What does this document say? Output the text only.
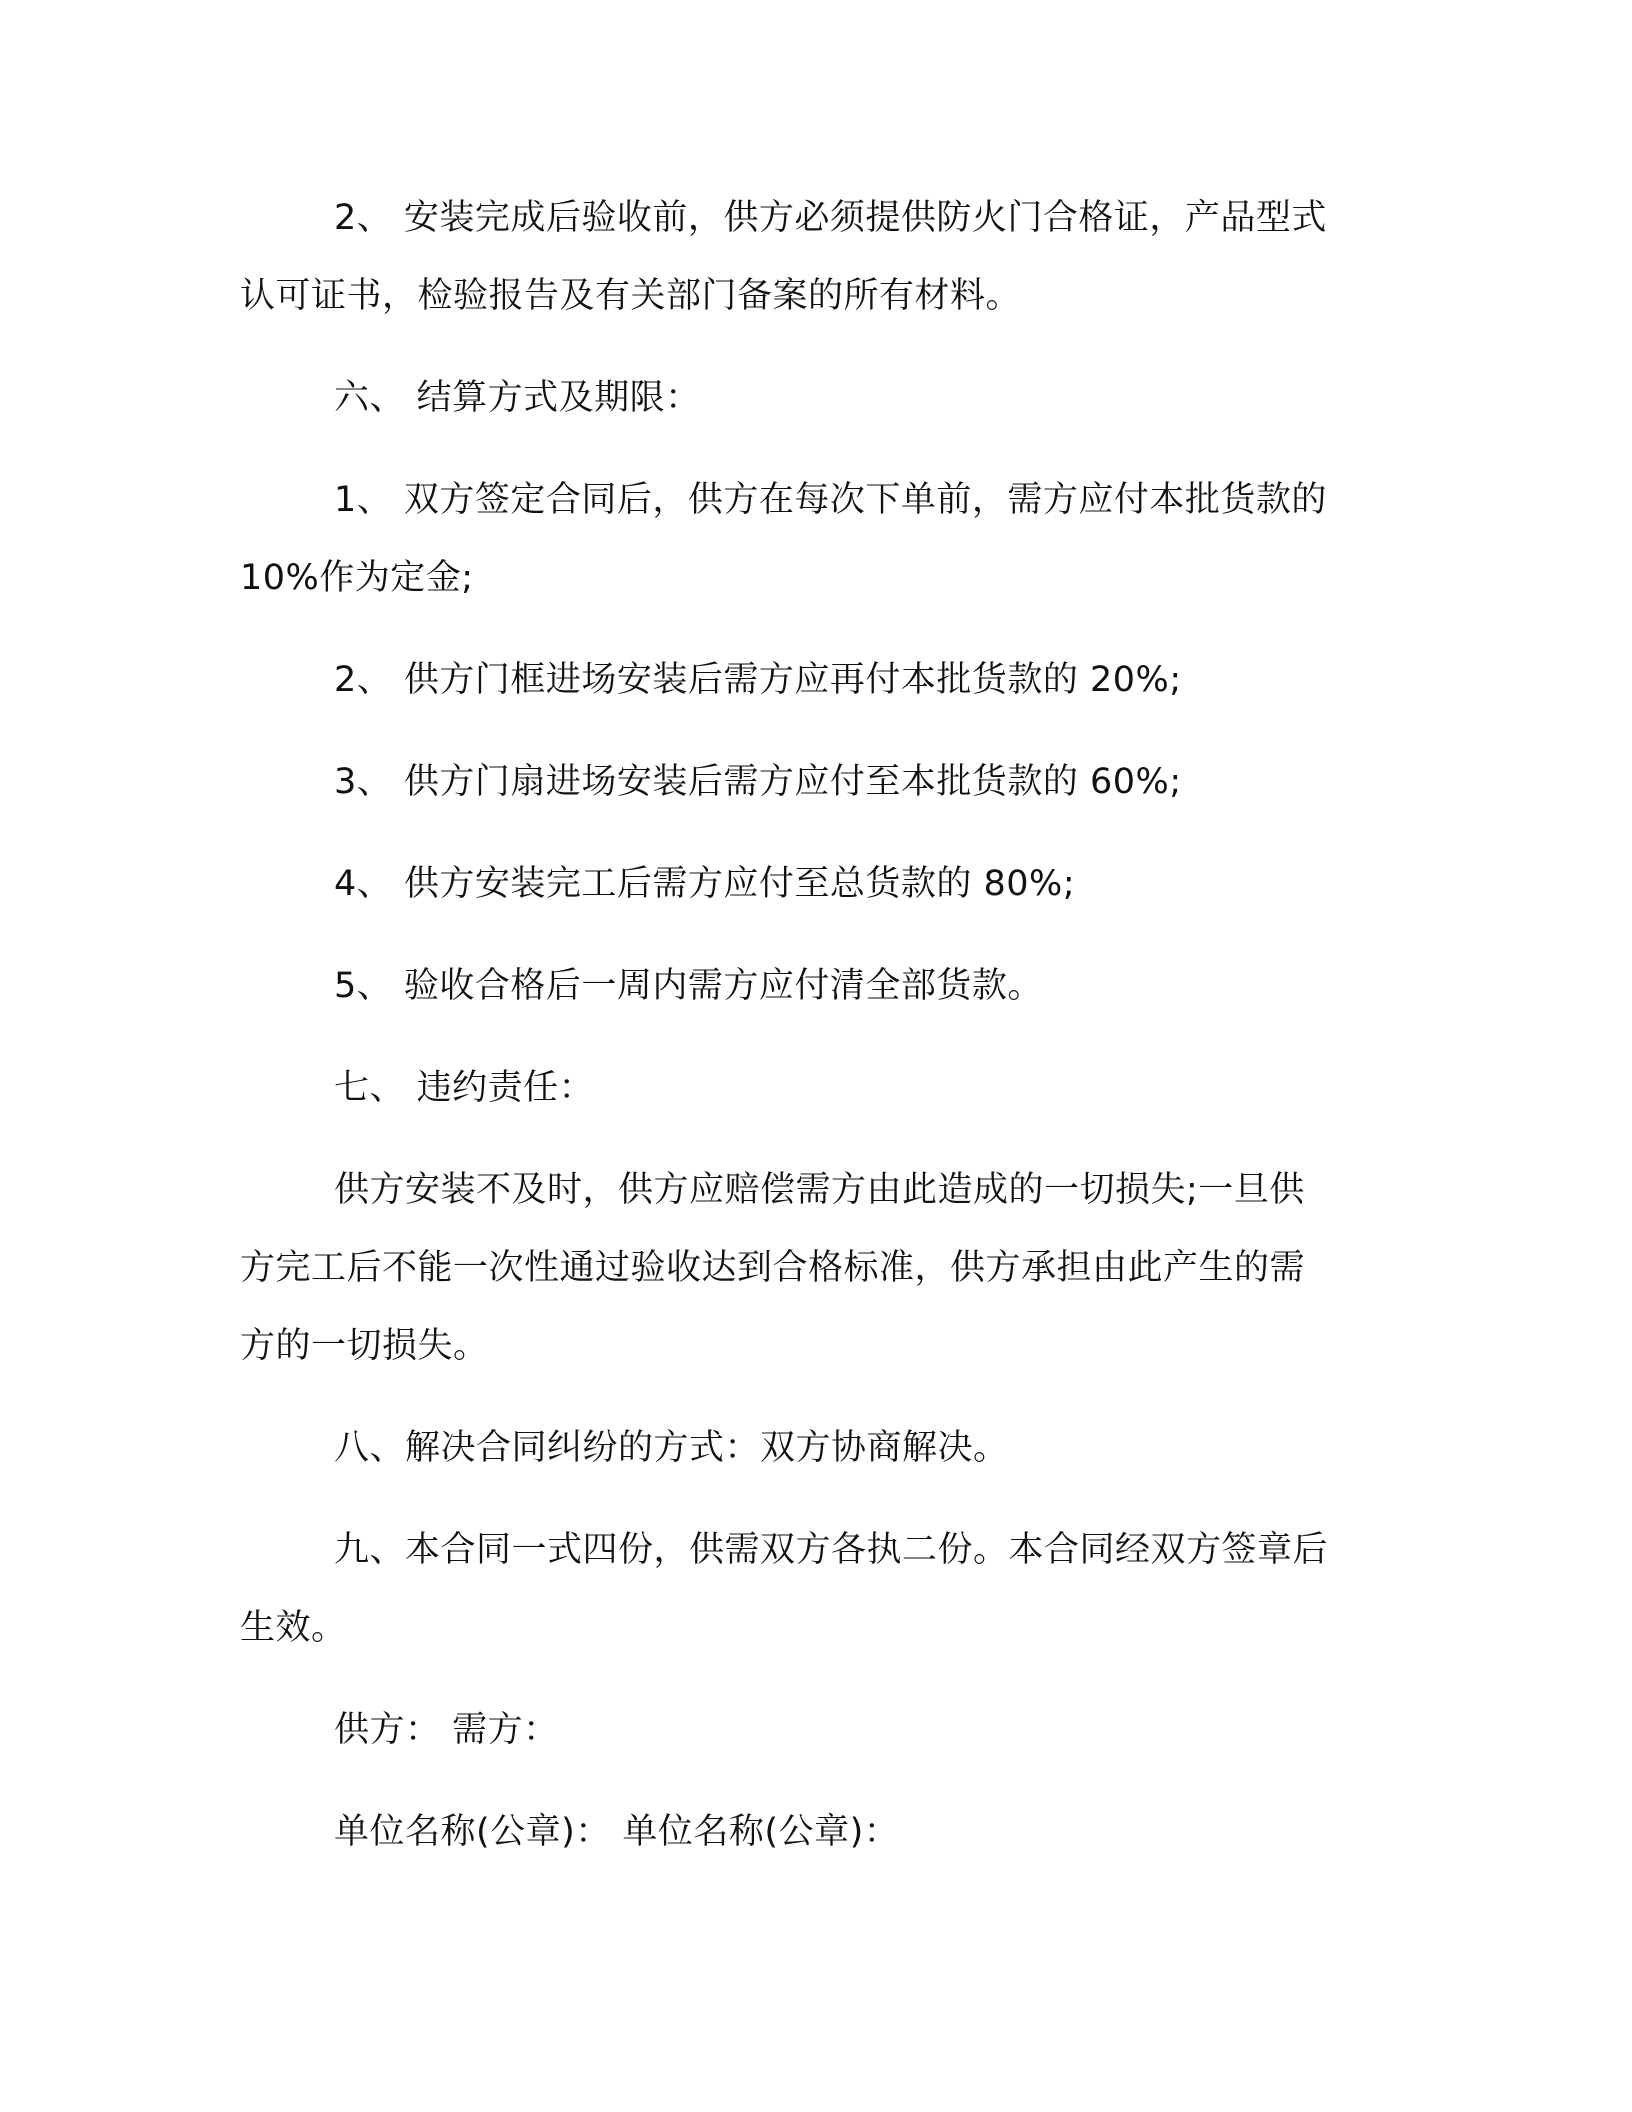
2、 安装完成后验收前，供方必须提供防火门合格证，产品型式

认可证书，检验报告及有关部门备案的所有材料。

六、 结算方式及期限：

1、 双方签定合同后，供方在每次下单前，需方应付本批货款的

10%作为定金;

2、 供方门框进场安装后需方应再付本批货款的 20%;

3、 供方门扇进场安装后需方应付至本批货款的 60%;

4、 供方安装完工后需方应付至总货款的 80%;

5、 验收合格后一周内需方应付清全部货款。

七、 违约责任：

供方安装不及时，供方应赔偿需方由此造成的一切损失;一旦供

方完工后不能一次性通过验收达到合格标准，供方承担由此产生的需

方的一切损失。

八、解决合同纠纷的方式：双方协商解决。

九、本合同一式四份，供需双方各执二份。本合同经双方签章后

生效。

供方： 需方：

单位名称(公章)： 单位名称(公章)：
